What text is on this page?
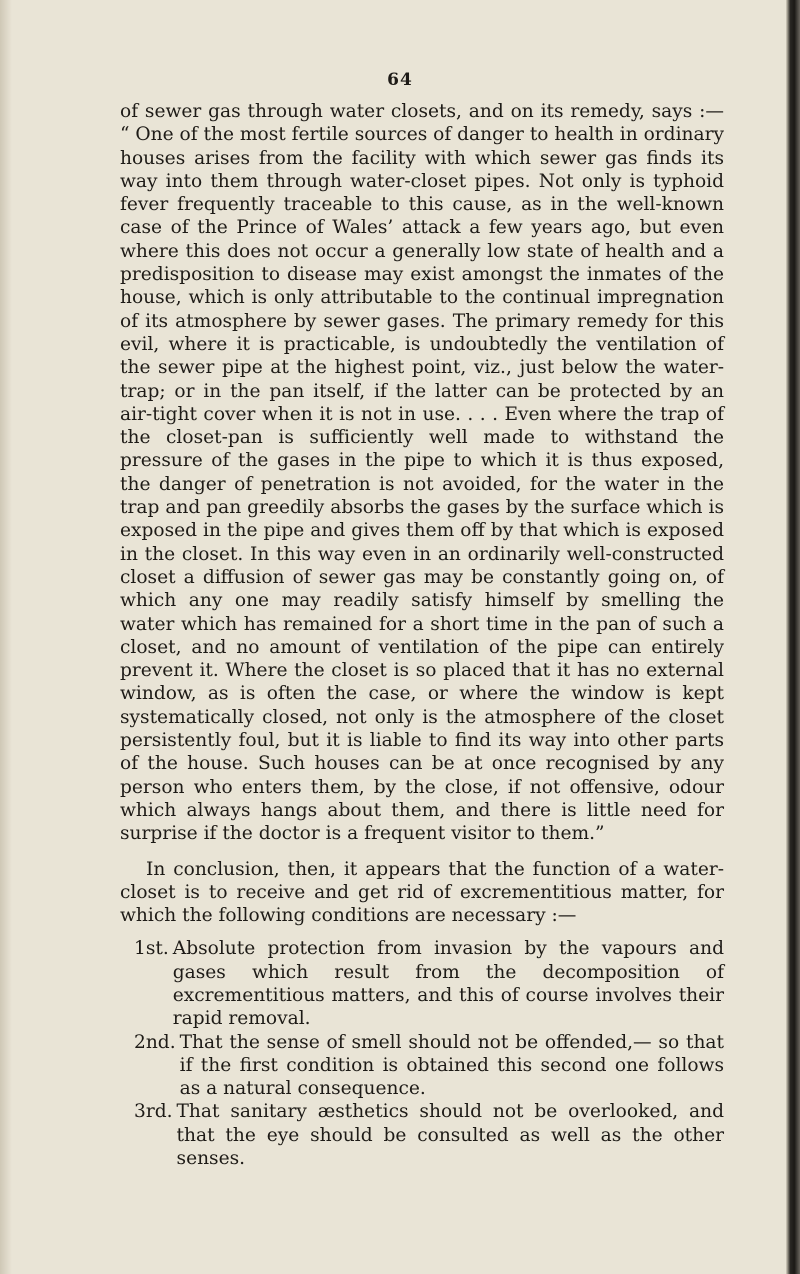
64

of sewer gas through water closets, and on its remedy, says :— “ One of the most fertile sources of danger to health in ordinary houses arises from the facility with which sewer gas finds its way into them through water-closet pipes. Not only is typhoid fever frequently traceable to this cause, as in the well-known case of the Prince of Wales’ attack a few years ago, but even where this does not occur a generally low state of health and a predisposition to disease may exist amongst the inmates of the house, which is only attributable to the continual impregnation of its atmosphere by sewer gases. The primary remedy for this evil, where it is practicable, is undoubtedly the ventilation of the sewer pipe at the highest point, viz., just below the water-trap; or in the pan itself, if the latter can be protected by an air-tight cover when it is not in use. . . . Even where the trap of the closet-pan is sufficiently well made to withstand the pressure of the gases in the pipe to which it is thus exposed, the danger of penetration is not avoided, for the water in the trap and pan greedily absorbs the gases by the surface which is exposed in the pipe and gives them off by that which is exposed in the closet. In this way even in an ordinarily well-constructed closet a diffusion of sewer gas may be constantly going on, of which any one may readily satisfy himself by smelling the water which has remained for a short time in the pan of such a closet, and no amount of ventilation of the pipe can entirely prevent it. Where the closet is so placed that it has no external window, as is often the case, or where the window is kept systematically closed, not only is the atmosphere of the closet persistently foul, but it is liable to find its way into other parts of the house. Such houses can be at once recognised by any person who enters them, by the close, if not offensive, odour which always hangs about them, and there is little need for surprise if the doctor is a frequent visitor to them.”

In conclusion, then, it appears that the function of a water-closet is to receive and get rid of excrementitious matter, for which the following conditions are necessary :—

1st. Absolute protection from invasion by the vapours and gases which result from the decomposition of excrementitious matters, and this of course involves their rapid removal.
2nd. That the sense of smell should not be offended,— so that if the first condition is obtained this second one follows as a natural consequence.
3rd. That sanitary æsthetics should not be overlooked, and that the eye should be consulted as well as the other senses.
